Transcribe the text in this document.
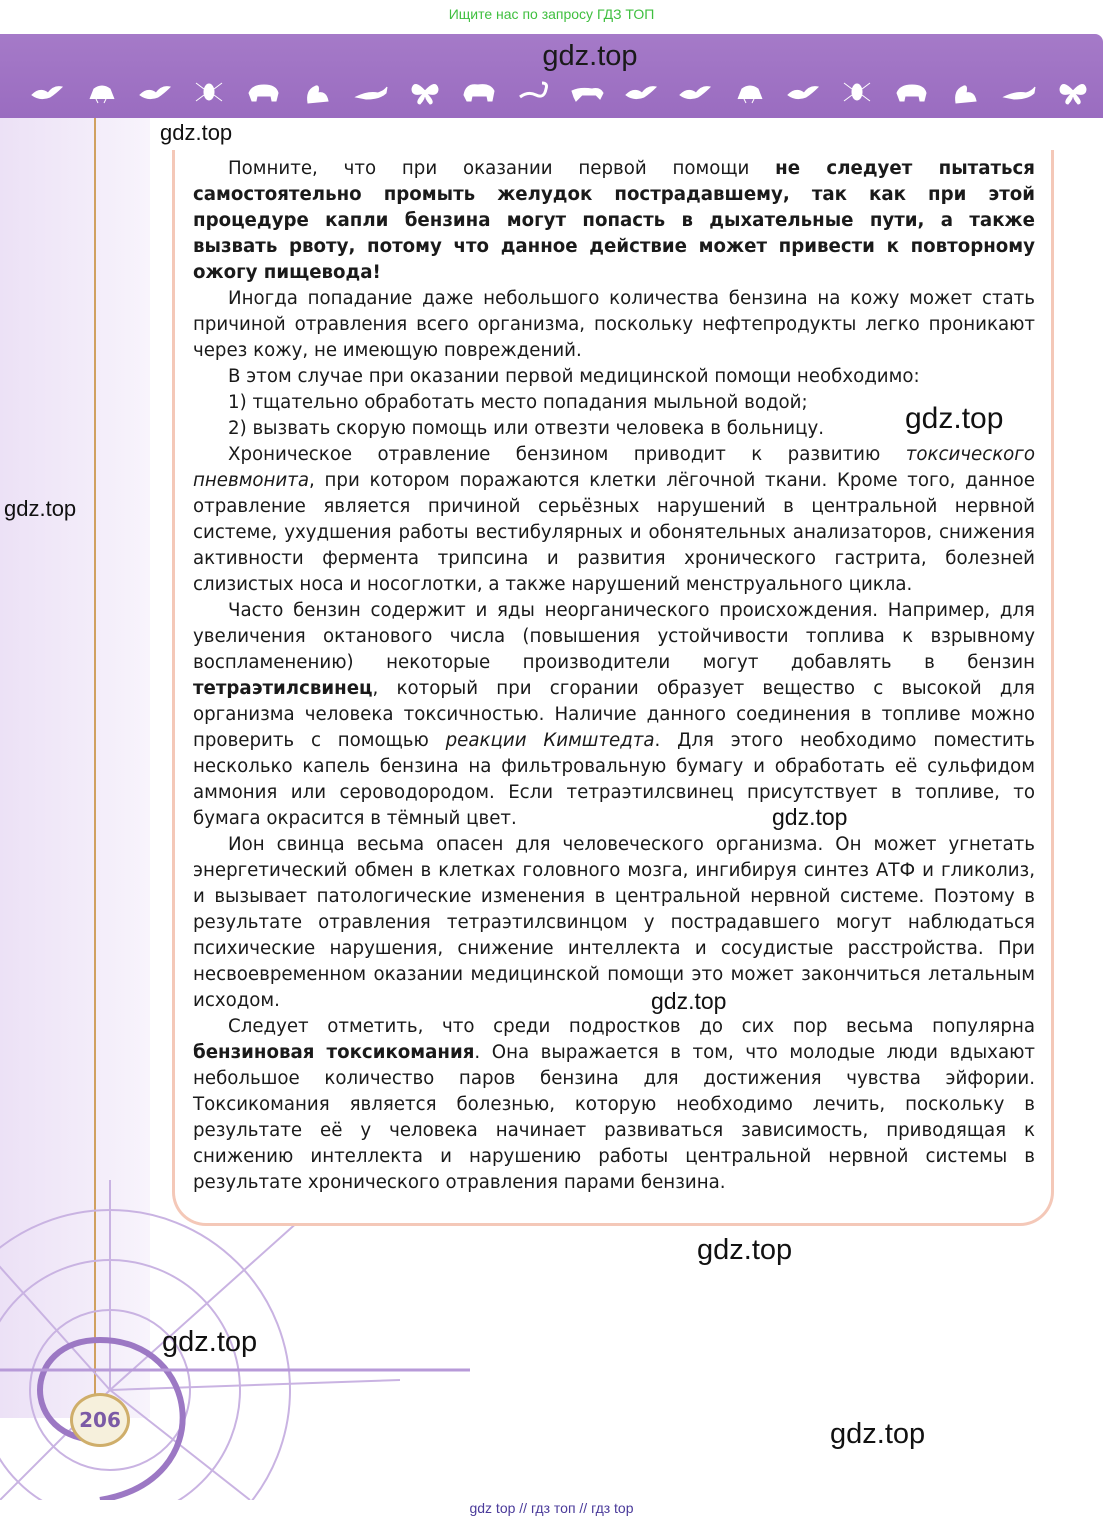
Ищите нас по запросу ГДЗ ТОП
gdz.top
206

Помните, что при оказании первой помощи не следует пытаться самостоятельно промыть желудок пострадавшему, так как при этой процедуре капли бензина могут попасть в дыхательные пути, а также вызвать рвоту, потому что данное действие может привести к повторному ожогу пищевода!

Иногда попадание даже небольшого количества бензина на кожу может стать причиной отравления всего организма, поскольку нефтепродукты легко проникают через кожу, не имеющую повреждений.

В этом случае при оказании первой медицинской помощи необходимо:

1) тщательно обработать место попадания мыльной водой;

2) вызвать скорую помощь или отвезти человека в больницу.

Хроническое отравление бензином приводит к развитию токсического пневмонита, при котором поражаются клетки лёгочной ткани. Кроме того, данное отравление является причиной серьёзных нарушений в центральной нервной системе, ухудшения работы вестибулярных и обонятельных анализаторов, снижения активности фермента трипсина и развития хронического гастрита, болезней слизистых носа и носоглотки, а также нарушений менструального цикла.

Часто бензин содержит и яды неорганического происхождения. Например, для увеличения октанового числа (повышения устойчивости топлива к взрывному воспламенению) некоторые производители могут добавлять в бензин тетраэтилсвинец, который при сгорании образует вещество с высокой для организма человека токсичностью. Наличие данного соединения в топливе можно проверить с помощью реакции Кимштедта. Для этого необходимо поместить несколько капель бензина на фильтровальную бумагу и обработать её сульфидом аммония или сероводородом. Если тетраэтилсвинец присутствует в топливе, то бумага окрасится в тёмный цвет.

Ион свинца весьма опасен для человеческого организма. Он может угнетать энергетический обмен в клетках головного мозга, ингибируя синтез АТФ и гликолиз, и вызывает патологические изменения в центральной нервной системе. Поэтому в результате отравления тетраэтилсвинцом у пострадавшего могут наблюдаться психические нарушения, снижение интеллекта и сосудистые расстройства. При несвоевременном оказании медицинской помощи это может закончиться летальным исходом.

Следует отметить, что среди подростков до сих пор весьма популярна бензиновая токсикомания. Она выражается в том, что молодые люди вдыхают небольшое количество паров бензина для достижения чувства эйфории. Токсикомания является болезнью, которую необходимо лечить, поскольку в результате её у человека начинает развиваться зависимость, приводящая к снижению интеллекта и нарушению работы центральной нервной системы в результате хронического отравления парами бензина.

gdz.top
gdz.top
gdz.top
gdz.top
gdz.top
gdz.top
gdz.top
gdz.top
gdz top // гдз топ // гдз top
